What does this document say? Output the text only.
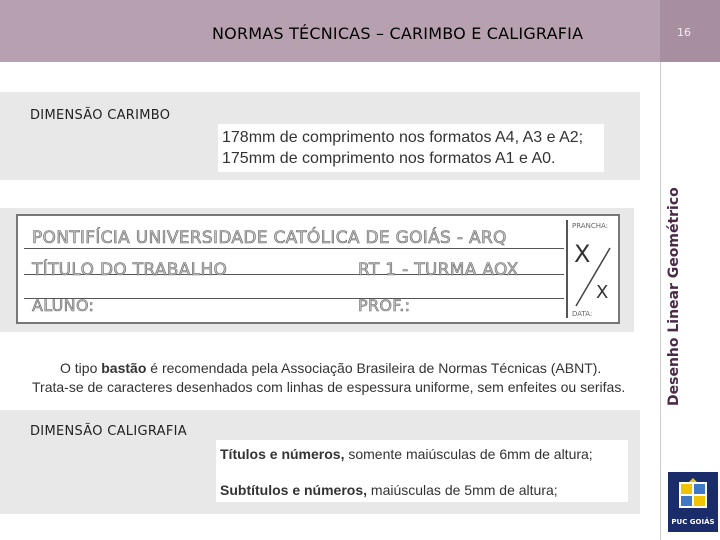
NORMAS TÉCNICAS – CARIMBO E CALIGRAFIA	16
Desenho Linear Geométrico
DIMENSÃO CARIMBO
178mm de comprimento nos formatos A4, A3 e A2;
175mm de comprimento nos formatos A1 e A0.
PONTIFÍCIA UNIVERSIDADE CATÓLICA DE GOIÁS - ARQ
TÍTULO DO TRABALHO	RT 1 - TURMA AOX
ALUNO:	PROF.:
PRANCHA:
DATA:
X
X
O tipo bastão é recomendada pela Associação Brasileira de Normas Técnicas (ABNT).
Trata-se de caracteres desenhados com linhas de espessura uniforme, sem enfeites ou serifas.
DIMENSÃO CALIGRAFIA
Títulos e números, somente maiúsculas de 6mm de altura;
Subtítulos e números, maiúsculas de 5mm de altura;
PUC GOIÁS
